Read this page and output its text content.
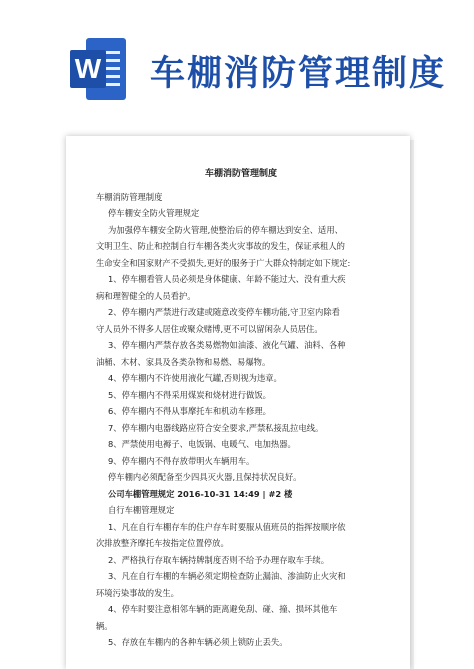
W 车棚消防管理制度
车棚消防管理制度
车棚消防管理制度
停车棚安全防火管理规定
为加强停车棚安全防火管理,使整治后的停车棚达到安全、适用、
文明卫生、防止和控制自行车棚各类火灾事故的发生，保证承租人的
生命安全和国家财产不受损失,更好的服务于广大群众特制定如下规定:
1、停车棚看管人员必须是身体健康、年龄不能过大、没有重大疾
病和理智健全的人员看护。
2、停车棚内严禁进行改建或随意改变停车棚功能,守卫室内除看
守人员外不得多人居住或聚众赌博,更不可以留闲杂人员居住。
3、停车棚内严禁存放各类易燃物如油漆、液化气罐、油料、各种
油桶、木材、家具及各类杂物和易燃、易爆物。
4、停车棚内不许使用液化气罐,否则视为违章。
5、停车棚内不得采用煤炭和烧材进行做饭。
6、停车棚内不得从事摩托车和机动车修理。
7、停车棚内电器线路应符合安全要求,严禁私接乱拉电线。
8、严禁使用电褥子、电饭锅、电暖气、电加热器。
9、停车棚内不得存放带明火车辆用车。
停车棚内必须配备至少四具灭火器,且保持状况良好。
公司车棚管理规定 2016-10-31 14:49 | #2 楼
自行车棚管理规定
1、凡在自行车棚存车的住户存车时要服从值班员的指挥按顺序依
次排放整齐摩托车按指定位置停放。
2、严格执行存取车辆持牌制度否则不给予办理存取车手续。
3、凡在自行车棚的车辆必须定期检查防止漏油、渗油防止火灾和
环境污染事故的发生。
4、停车时要注意相邻车辆的距离避免刮、碰、撞、损坏其他车
辆。
5、存放在车棚内的各种车辆必须上锁防止丢失。
